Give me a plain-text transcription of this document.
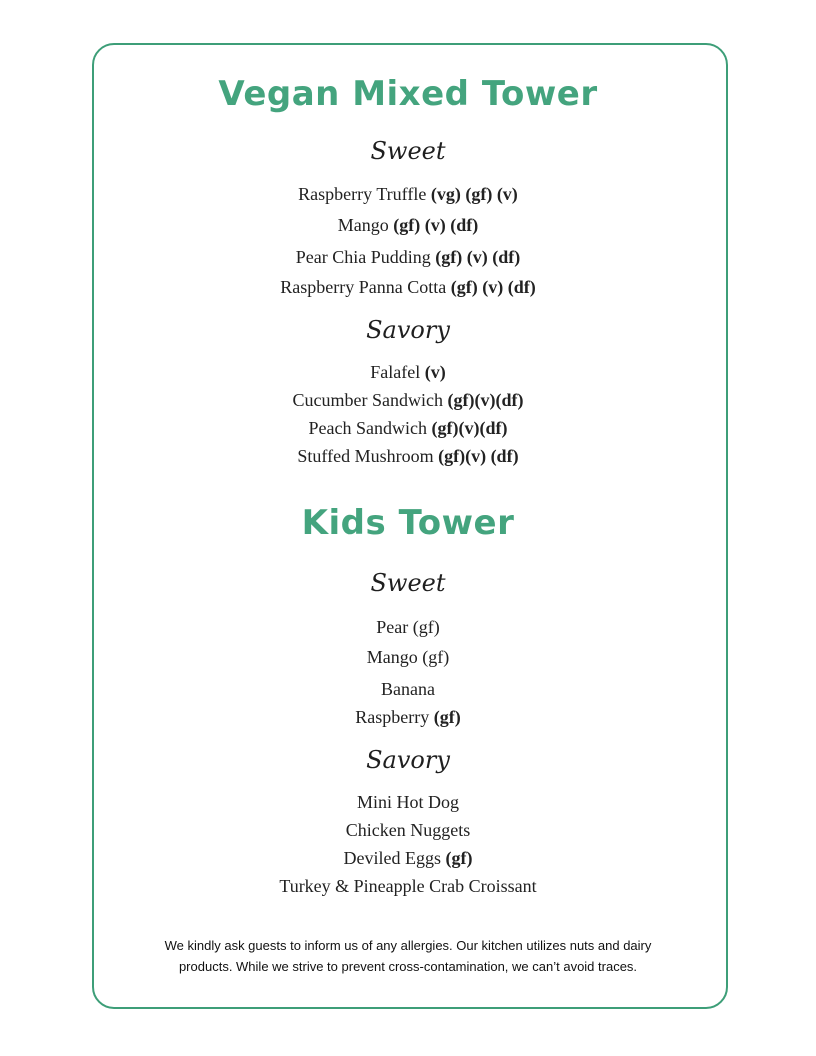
Vegan Mixed Tower
Sweet
Raspberry Truffle (vg) (gf) (v)
Mango (gf) (v) (df)
Pear Chia Pudding (gf) (v) (df)
Raspberry Panna Cotta (gf) (v) (df)
Savory
Falafel (v)
Cucumber Sandwich (gf)(v)(df)
Peach Sandwich (gf)(v)(df)
Stuffed Mushroom (gf)(v) (df)
Kids Tower
Sweet
Pear (gf)
Mango (gf)
Banana
Raspberry (gf)
Savory
Mini Hot Dog
Chicken Nuggets
Deviled Eggs (gf)
Turkey & Pineapple Crab Croissant
We kindly ask guests to inform us of any allergies. Our kitchen utilizes nuts and dairy
products. While we strive to prevent cross-contamination, we can’t avoid traces.
